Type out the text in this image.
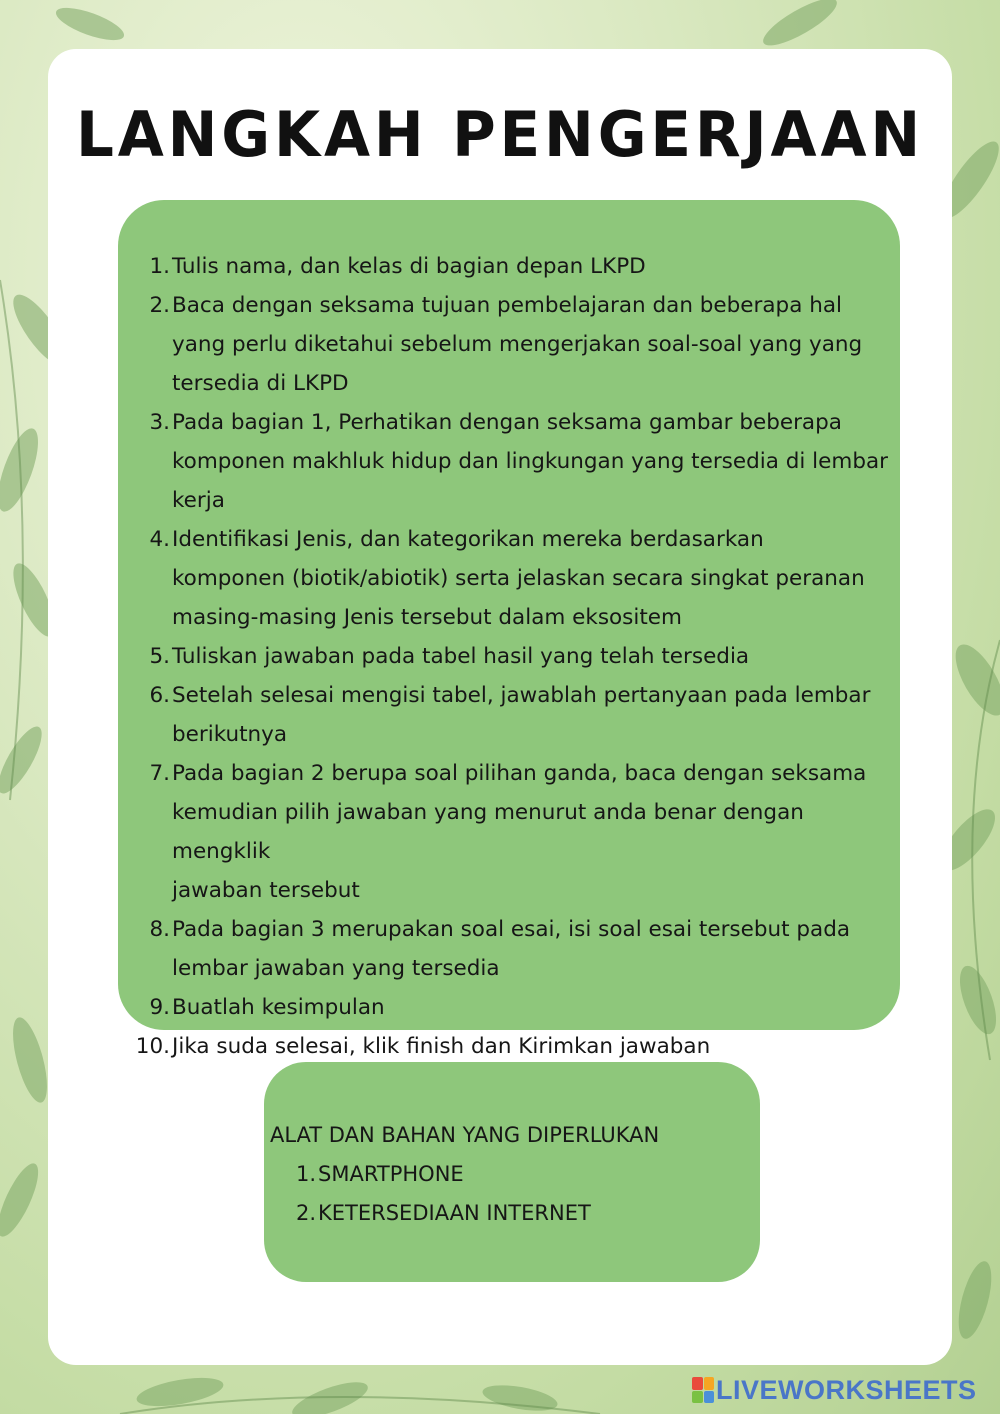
LANGKAH PENGERJAAN
1. Tulis nama, dan kelas di bagian depan LKPD
2. Baca dengan seksama tujuan pembelajaran dan beberapa hal
yang perlu diketahui sebelum mengerjakan soal-soal yang yang
tersedia di LKPD
3. Pada bagian 1, Perhatikan dengan seksama gambar beberapa
komponen makhluk hidup dan lingkungan yang tersedia di lembar
kerja
4. Identifikasi Jenis, dan kategorikan mereka berdasarkan
komponen (biotik/abiotik) serta jelaskan secara singkat peranan
masing-masing Jenis tersebut dalam eksositem
5. Tuliskan jawaban pada tabel hasil yang telah tersedia
6. Setelah selesai mengisi tabel, jawablah pertanyaan pada lembar
berikutnya
7. Pada bagian 2 berupa soal pilihan ganda, baca dengan seksama
kemudian pilih jawaban yang menurut anda benar dengan mengklik
jawaban tersebut
8. Pada bagian 3 merupakan soal esai, isi soal esai tersebut pada
lembar jawaban yang tersedia
9. Buatlah kesimpulan
10. Jika suda selesai, klik finish dan Kirimkan jawaban
ALAT DAN BAHAN YANG DIPERLUKAN
1. SMARTPHONE
2. KETERSEDIAAN INTERNET
LIVEWORKSHEETS
